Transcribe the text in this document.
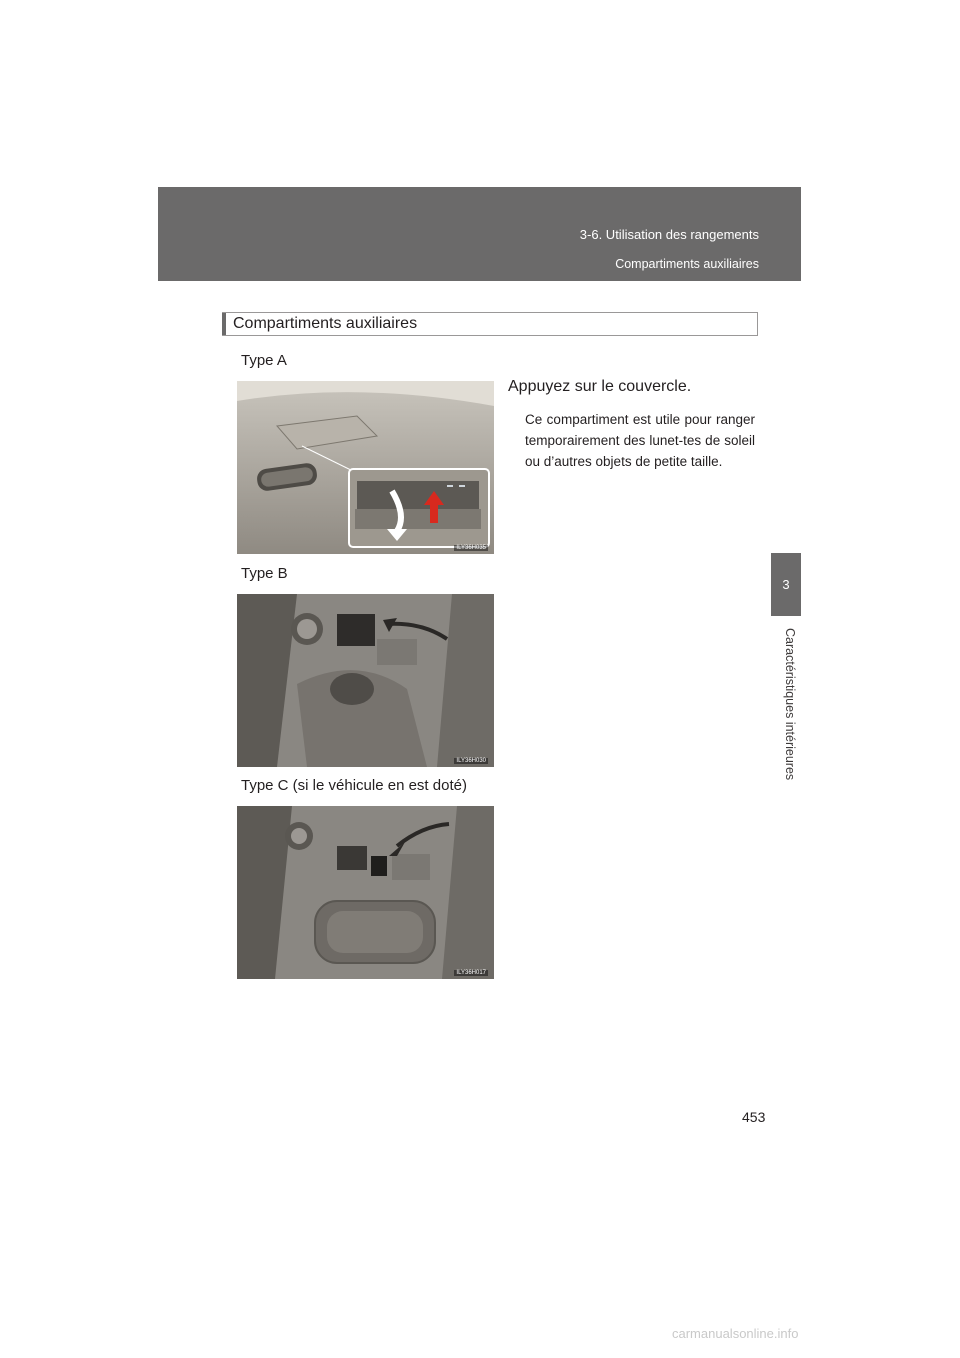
3-6. Utilisation des rangements
Compartiments auxiliaires
3
Caractéristiques intérieures
Compartiments auxiliaires
Type A
Appuyez sur le couvercle.
Ce compartiment est utile pour ranger temporairement des lunet-tes de soleil ou d’autres objets de petite taille.
ILY36H035
Type B
ILY36H030
Type C (si le véhicule en est doté)
ILY36H017
453
carmanualsonline.info
